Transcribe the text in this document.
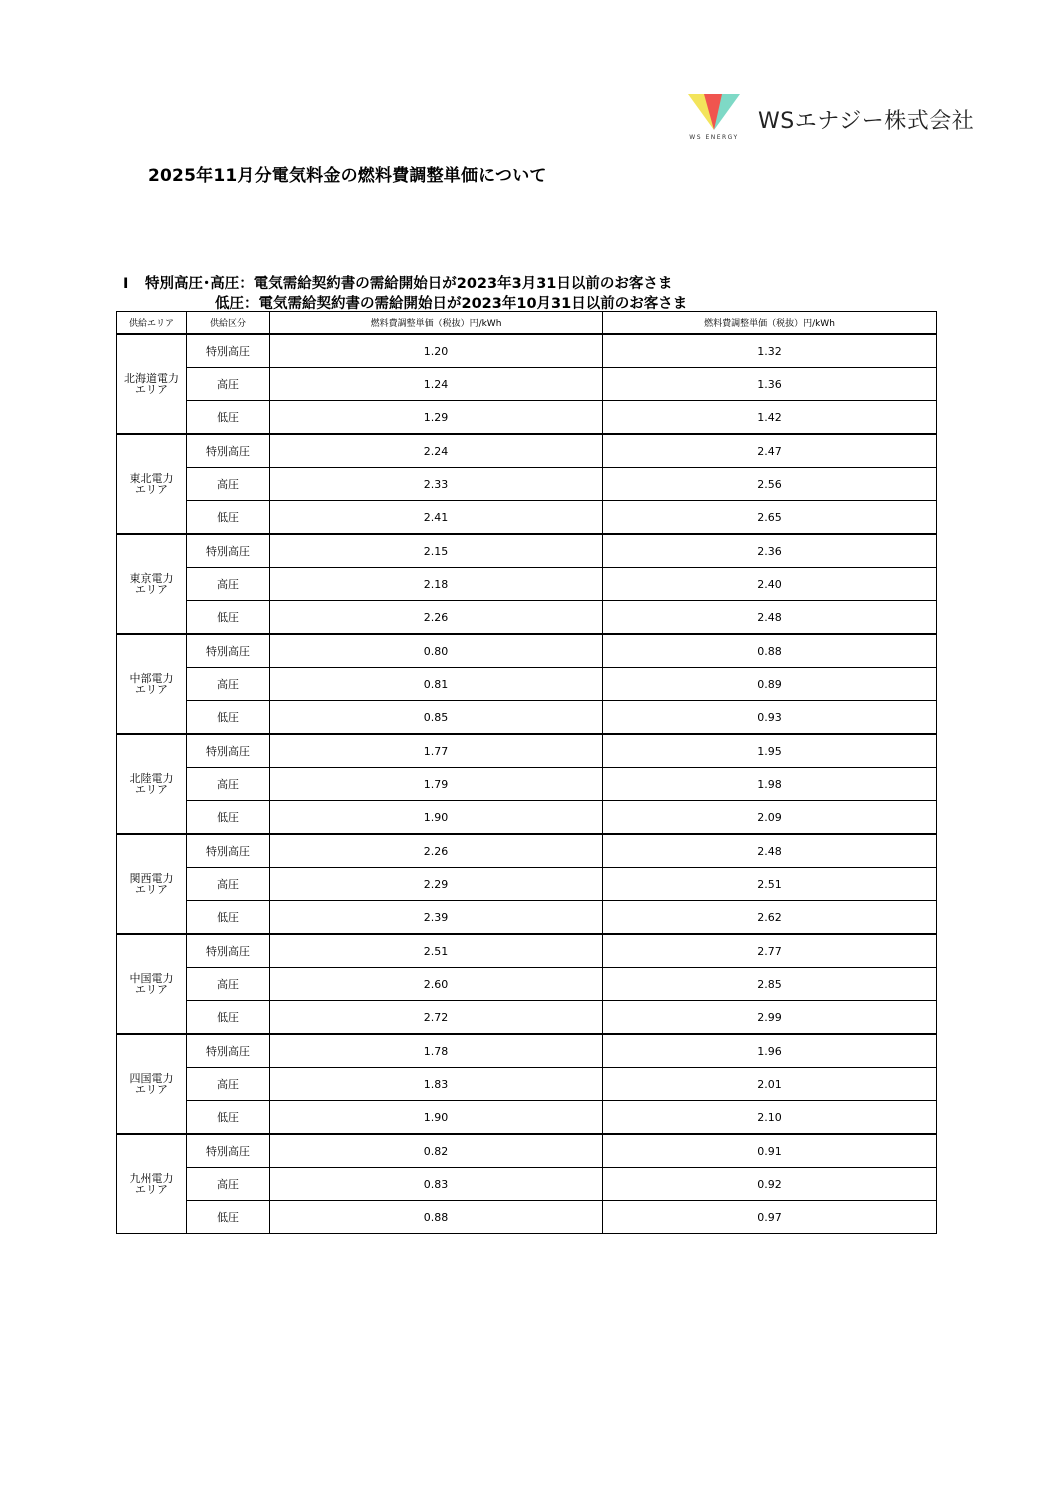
WS ENERGY
WSエナジー株式会社
2025年11月分電気料金の燃料費調整単価について
Ⅰ 特別高圧･高圧：電気需給契約書の需給開始日が2023年3月31日以前のお客さま
低圧：電気需給契約書の需給開始日が2023年10月31日以前のお客さま
供給エリア	供給区分	燃料費調整単価（税抜）円/kWh	燃料費調整単価（税抜）円/kWh

北海道電力
エリア	特別高圧	1.20	1.32
	高圧	1.24	1.36
	低圧	1.29	1.42

東北電力
エリア	特別高圧	2.24	2.47
	高圧	2.33	2.56
	低圧	2.41	2.65

東京電力
エリア	特別高圧	2.15	2.36
	高圧	2.18	2.40
	低圧	2.26	2.48

中部電力
エリア	特別高圧	0.80	0.88
	高圧	0.81	0.89
	低圧	0.85	0.93

北陸電力
エリア	特別高圧	1.77	1.95
	高圧	1.79	1.98
	低圧	1.90	2.09

関西電力
エリア	特別高圧	2.26	2.48
	高圧	2.29	2.51
	低圧	2.39	2.62

中国電力
エリア	特別高圧	2.51	2.77
	高圧	2.60	2.85
	低圧	2.72	2.99

四国電力
エリア	特別高圧	1.78	1.96
	高圧	1.83	2.01
	低圧	1.90	2.10

九州電力
エリア	特別高圧	0.82	0.91
	高圧	0.83	0.92
	低圧	0.88	0.97
